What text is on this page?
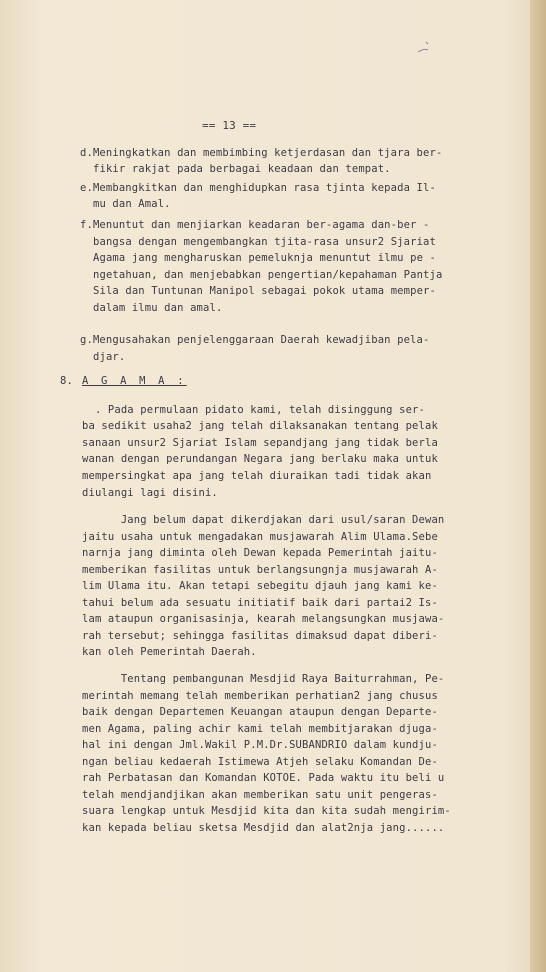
== 13 ==
d.Meningkatkan dan membimbing ketjerdasan dan tjara ber-
fikir rakjat pada berbagai keadaan dan tempat.
e.Membangkitkan dan menghidupkan rasa tjinta kepada Il-
mu dan Amal.
f.Menuntut dan menjiarkan keadaran ber-agama dan-ber -
bangsa dengan mengembangkan tjita-rasa unsur2 Sjariat
Agama jang mengharuskan pemeluknja menuntut ilmu pe -
ngetahuan, dan menjebabkan pengertian/kepahaman Pantja
Sila dan Tuntunan Manipol sebagai pokok utama memper-
dalam ilmu dan amal.
g.Mengusahakan penjelenggaraan Daerah kewadjiban pela-
djar.
8. A G A M A :
. Pada permulaan pidato kami, telah disinggung ser-
ba sedikit usaha2 jang telah dilaksanakan tentang pelak
sanaan unsur2 Sjariat Islam sepandjang jang tidak berla
wanan dengan perundangan Negara jang berlaku maka untuk
mempersingkat apa jang telah diuraikan tadi tidak akan
diulangi lagi disini.
Jang belum dapat dikerdjakan dari usul/saran Dewan
jaitu usaha untuk mengadakan musjawarah Alim Ulama.Sebe
narnja jang diminta oleh Dewan kepada Pemerintah jaitu-
memberikan fasilitas untuk berlangsungnja musjawarah A-
lim Ulama itu. Akan tetapi sebegitu djauh jang kami ke-
tahui belum ada sesuatu initiatif baik dari partai2 Is-
lam ataupun organisasinja, kearah melangsungkan musjawa-
rah tersebut; sehingga fasilitas dimaksud dapat diberi-
kan oleh Pemerintah Daerah.
Tentang pembangunan Mesdjid Raya Baiturrahman, Pe-
merintah memang telah memberikan perhatian2 jang chusus
baik dengan Departemen Keuangan ataupun dengan Departe-
men Agama, paling achir kami telah membitjarakan djuga-
hal ini dengan Jml.Wakil P.M.Dr.SUBANDRIO dalam kundju-
ngan beliau kedaerah Istimewa Atjeh selaku Komandan De-
rah Perbatasan dan Komandan KOTOE. Pada waktu itu beli u
telah mendjandjikan akan memberikan satu unit pengeras-
suara lengkap untuk Mesdjid kita dan kita sudah mengirim-
kan kepada beliau sketsa Mesdjid dan alat2nja jang......
